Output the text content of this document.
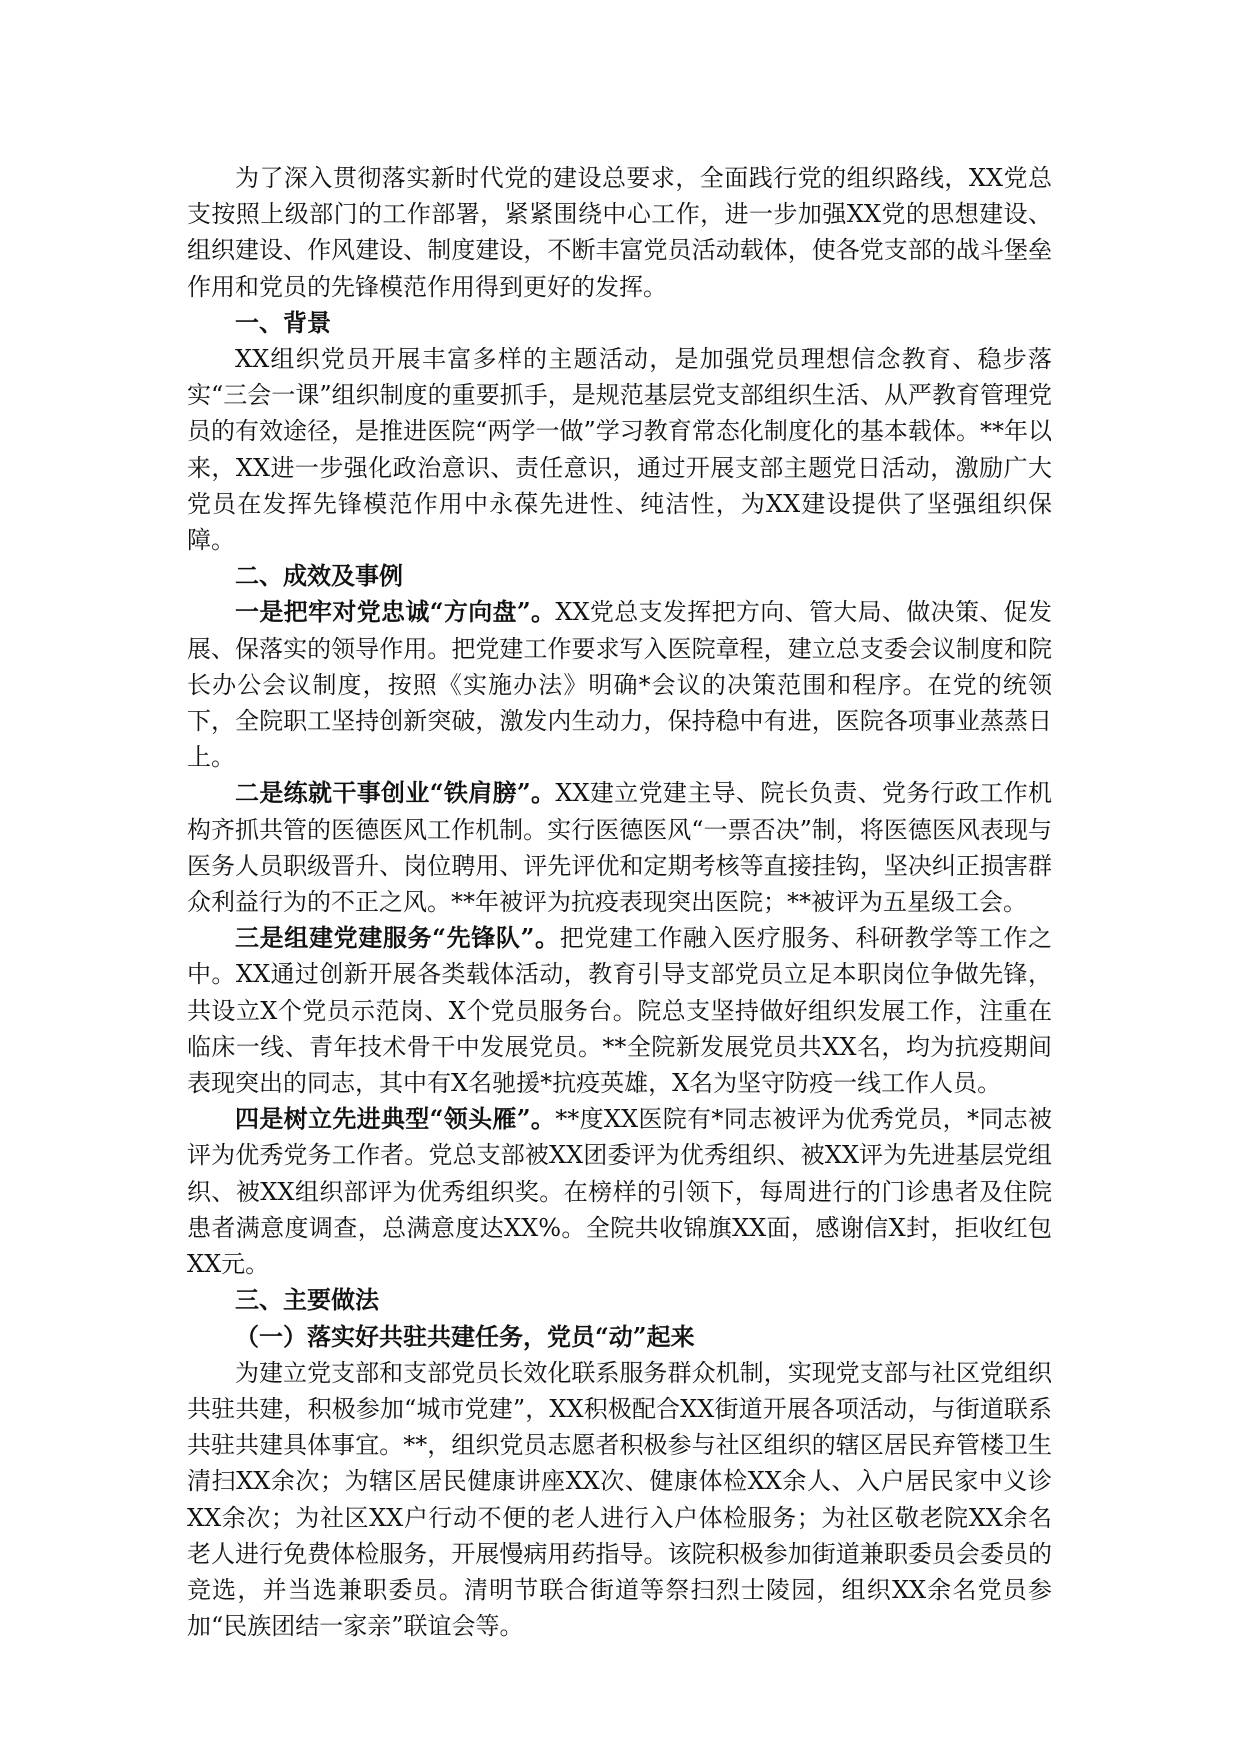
为了深入贯彻落实新时代党的建设总要求，全面践行党的组织路线，XX党总支按照上级部门的工作部署，紧紧围绕中心工作，进一步加强XX党的思想建设、组织建设、作风建设、制度建设，不断丰富党员活动载体，使各党支部的战斗堡垒作用和党员的先锋模范作用得到更好的发挥。

一、背景

XX组织党员开展丰富多样的主题活动，是加强党员理想信念教育、稳步落实“三会一课”组织制度的重要抓手，是规范基层党支部组织生活、从严教育管理党员的有效途径，是推进医院“两学一做”学习教育常态化制度化的基本载体。**年以来，XX进一步强化政治意识、责任意识，通过开展支部主题党日活动，激励广大党员在发挥先锋模范作用中永葆先进性、纯洁性，为XX建设提供了坚强组织保障。

二、成效及事例

一是把牢对党忠诚“方向盘”。XX党总支发挥把方向、管大局、做决策、促发展、保落实的领导作用。把党建工作要求写入医院章程，建立总支委会议制度和院长办公会议制度，按照《实施办法》明确*会议的决策范围和程序。在党的统领下，全院职工坚持创新突破，激发内生动力，保持稳中有进，医院各项事业蒸蒸日上。

二是练就干事创业“铁肩膀”。XX建立党建主导、院长负责、党务行政工作机构齐抓共管的医德医风工作机制。实行医德医风“一票否决”制，将医德医风表现与医务人员职级晋升、岗位聘用、评先评优和定期考核等直接挂钩，坚决纠正损害群众利益行为的不正之风。**年被评为抗疫表现突出医院；**被评为五星级工会。

三是组建党建服务“先锋队”。把党建工作融入医疗服务、科研教学等工作之中。XX通过创新开展各类载体活动，教育引导支部党员立足本职岗位争做先锋，共设立X个党员示范岗、X个党员服务台。院总支坚持做好组织发展工作，注重在临床一线、青年技术骨干中发展党员。**全院新发展党员共XX名，均为抗疫期间表现突出的同志，其中有X名驰援*抗疫英雄，X名为坚守防疫一线工作人员。

四是树立先进典型“领头雁”。**度XX医院有*同志被评为优秀党员，*同志被评为优秀党务工作者。党总支部被XX团委评为优秀组织、被XX评为先进基层党组织、被XX组织部评为优秀组织奖。在榜样的引领下，每周进行的门诊患者及住院患者满意度调查，总满意度达XX%。全院共收锦旗XX面，感谢信X封，拒收红包XX元。

三、主要做法

（一）落实好共驻共建任务，党员“动”起来

为建立党支部和支部党员长效化联系服务群众机制，实现党支部与社区党组织共驻共建，积极参加“城市党建”，XX积极配合XX街道开展各项活动，与街道联系共驻共建具体事宜。**，组织党员志愿者积极参与社区组织的辖区居民弃管楼卫生清扫XX余次；为辖区居民健康讲座XX次、健康体检XX余人、入户居民家中义诊XX余次；为社区XX户行动不便的老人进行入户体检服务；为社区敬老院XX余名老人进行免费体检服务，开展慢病用药指导。该院积极参加街道兼职委员会委员的竞选，并当选兼职委员。清明节联合街道等祭扫烈士陵园，组织XX余名党员参加“民族团结一家亲”联谊会等。
